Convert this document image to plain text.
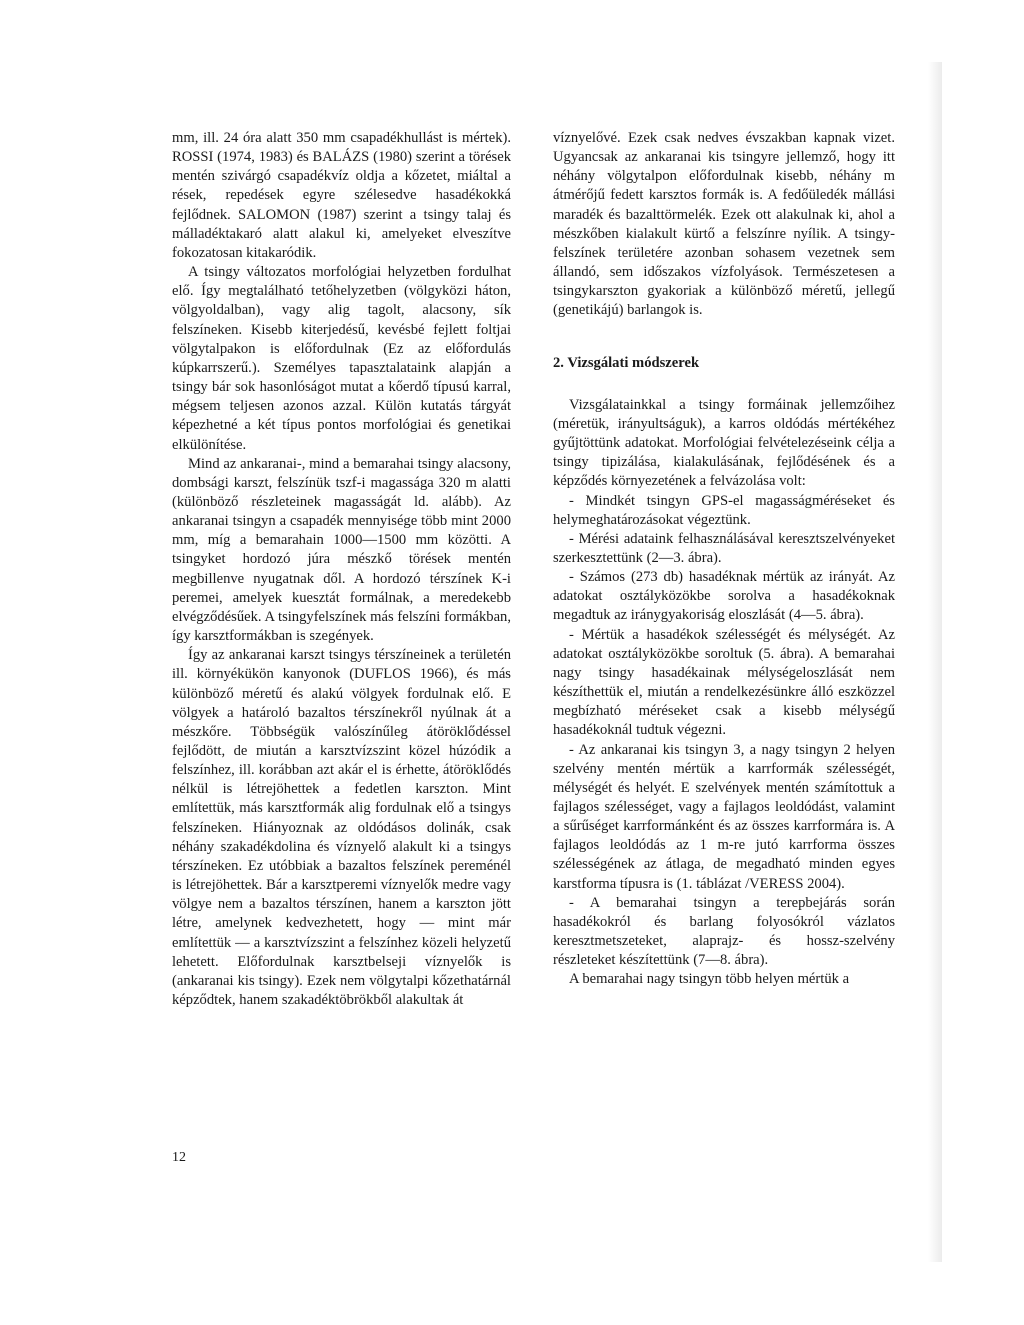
mm, ill. 24 óra alatt 350 mm csapadékhullást is mértek). ROSSI (1974, 1983) és BALÁZS (1980) szerint a törések mentén szivárgó csapadékvíz oldja a kőzetet, miáltal a rések, repedések egyre szélesedve hasadékokká fejlődnek. SALOMON (1987) szerint a tsingy talaj és málladéktakaró alatt alakul ki, amelyeket elveszítve fokozatosan kitakaródik.

A tsingy változatos morfológiai helyzetben fordulhat elő. Így megtalálható tetőhelyzetben (völgyközi háton, völgyoldalban), vagy alig tagolt, alacsony, sík felszíneken. Kisebb kiterjedésű, kevésbé fejlett foltjai völgytalpakon is előfordulnak (Ez az előfordulás kúpkarrszerű.). Személyes tapasztalataink alapján a tsingy bár sok hasonlóságot mutat a kőerdő típusú karral, mégsem teljesen azonos azzal. Külön kutatás tárgyát képezhetné a két típus pontos morfológiai és genetikai elkülönítése.

Mind az ankaranai-, mind a bemarahai tsingy alacsony, dombsági karszt, felszínük tszf-i magassága 320 m alatti (különböző részleteinek magasságát ld. alább). Az ankaranai tsingyn a csapadék mennyisége több mint 2000 mm, míg a bemarahain 1000—1500 mm közötti. A tsingyket hordozó júra mészkő törések mentén megbillenve nyugatnak dől. A hordozó térszínek K-i peremei, amelyek kuesztát formálnak, a meredekebb elvégződésűek. A tsingyfelszínek más felszíni formákban, így karsztformákban is szegények.

Így az ankaranai karszt tsingys térszíneinek a területén ill. környékükön kanyonok (DUFLOS 1966), és más különböző méretű és alakú völgyek fordulnak elő. E völgyek a határoló bazaltos térszínekről nyúlnak át a mészkőre. Többségük valószínűleg átöröklődéssel fejlődött, de miután a karsztvízszint közel húzódik a felszínhez, ill. korábban azt akár el is érhette, átöröklődés nélkül is létrejöhettek a fedetlen karszton. Mint említettük, más karsztformák alig fordulnak elő a tsingys felszíneken. Hiányoznak az oldódásos dolinák, csak néhány szakadékdolina és víznyelő alakult ki a tsingys térszíneken. Ez utóbbiak a bazaltos felszínek pereménél is létrejöhettek. Bár a karsztperemi víznyelők medre vagy völgye nem a bazaltos térszínen, hanem a karszton jött létre, amelynek kedvezhetett, hogy — mint már említettük — a karsztvízszint a felszínhez közeli helyzetű lehetett. Előfordulnak karsztbelseji víznyelők is (ankaranai kis tsingy). Ezek nem völgytalpi kőzethatárnál képződtek, hanem szakadéktöbrökből alakultak át

víznyelővé. Ezek csak nedves évszakban kapnak vizet. Ugyancsak az ankaranai kis tsingyre jellemző, hogy itt néhány völgytalpon előfordulnak kisebb, néhány m átmérőjű fedett karsztos formák is. A fedőüledék mállási maradék és bazalttörmelék. Ezek ott alakulnak ki, ahol a mészkőben kialakult kürtő a felszínre nyílik. A tsingy-felszínek területére azonban sohasem vezetnek sem állandó, sem időszakos vízfolyások. Természetesen a tsingykarszton gyakoriak a különböző méretű, jellegű (genetikájú) barlangok is.

2. Vizsgálati módszerek

Vizsgálatainkkal a tsingy formáinak jellemzőihez (méretük, irányultságuk), a karros oldódás mértékéhez gyűjtöttünk adatokat. Morfológiai felvételezéseink célja a tsingy tipizálása, kialakulásának, fejlődésének és a képződés környezetének a felvázolása volt:

- Mindkét tsingyn GPS-el magasságméréseket és helymeghatározásokat végeztünk.

- Mérési adataink felhasználásával keresztszelvényeket szerkesztettünk (2—3. ábra).

- Számos (273 db) hasadéknak mértük az irányát. Az adatokat osztályközökbe sorolva a hasadékoknak megadtuk az iránygyakoriság eloszlását (4—5. ábra).

- Mértük a hasadékok szélességét és mélységét. Az adatokat osztályközökbe soroltuk (5. ábra). A bemarahai nagy tsingy hasadékainak mélységeloszlását nem készíthettük el, miután a rendelkezésünkre álló eszközzel megbízható méréseket csak a kisebb mélységű hasadékoknál tudtuk végezni.

- Az ankaranai kis tsingyn 3, a nagy tsingyn 2 helyen szelvény mentén mértük a karrformák szélességét, mélységét és helyét. E szelvények mentén számítottuk a fajlagos szélességet, vagy a fajlagos leoldódást, valamint a sűrűséget karrformánként és az összes karrformára is. A fajlagos leoldódás az 1 m-re jutó karrforma összes szélességének az átlaga, de megadható minden egyes karstforma típusra is (1. táblázat /VERESS 2004).

- A bemarahai tsingyn a terepbejárás során hasadékokról és barlang folyosókról vázlatos keresztmetszeteket, alaprajz- és hossz-szelvény részleteket készítettünk (7—8. ábra).

A bemarahai nagy tsingyn több helyen mértük a

12
